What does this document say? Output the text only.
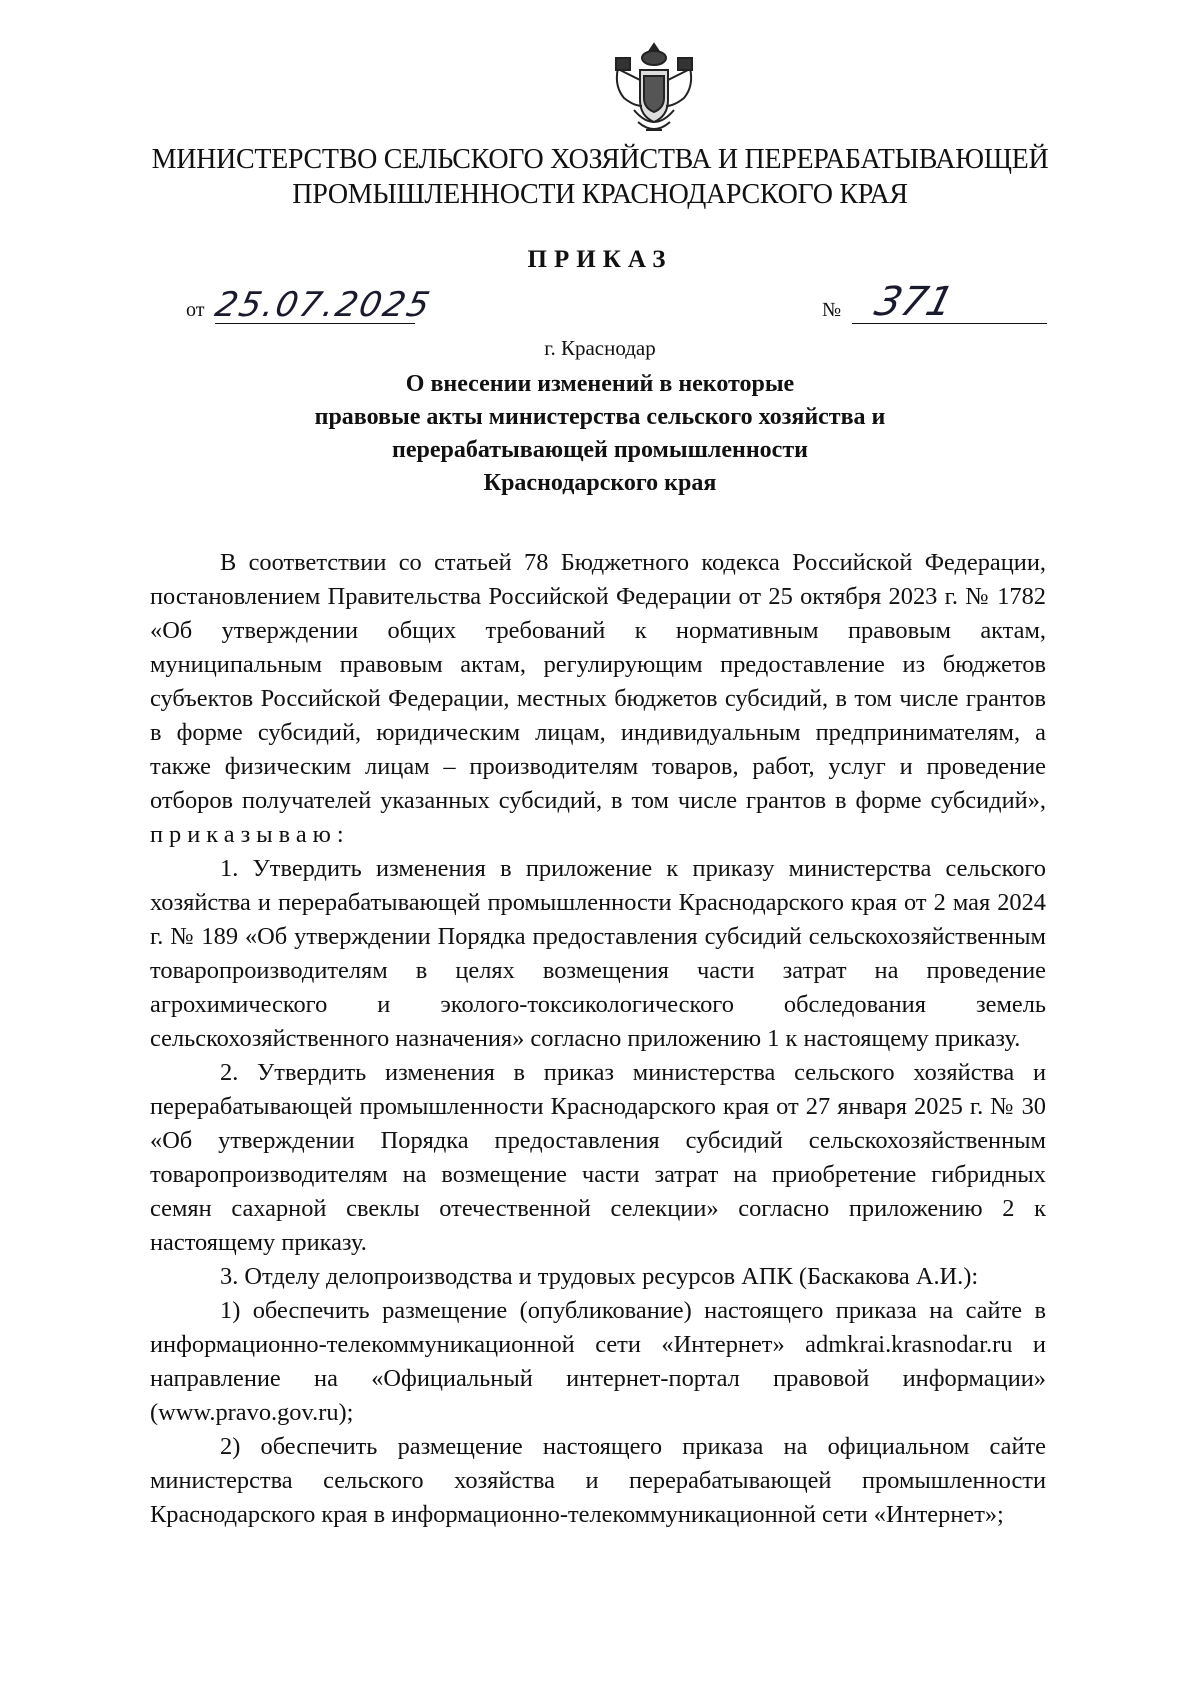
МИНИСТЕРСТВО СЕЛЬСКОГО ХОЗЯЙСТВА И ПЕРЕРАБАТЫВАЮЩЕЙ
ПРОМЫШЛЕННОСТИ КРАСНОДАРСКОГО КРАЯ
ПРИКАЗ
от 25.07.2025	№ 371
г. Краснодар
О внесении изменений в некоторые
правовые акты министерства сельского хозяйства и
перерабатывающей промышленности
Краснодарского края

В соответствии со статьей 78 Бюджетного кодекса Российской Федерации, постановлением Правительства Российской Федерации от 25 октября 2023 г. № 1782 «Об утверждении общих требований к нормативным правовым актам, муниципальным правовым актам, регулирующим предоставление из бюджетов субъектов Российской Федерации, местных бюджетов субсидий, в том числе грантов в форме субсидий, юридическим лицам, индивидуальным предпринимателям, а также физическим лицам – производителям товаров, работ, услуг и проведение отборов получателей указанных субсидий, в том числе грантов в форме субсидий», приказываю:

1. Утвердить изменения в приложение к приказу министерства сельского хозяйства и перерабатывающей промышленности Краснодарского края от 2 мая 2024 г. № 189 «Об утверждении Порядка предоставления субсидий сельскохозяйственным товаропроизводителям в целях возмещения части затрат на проведение агрохимического и эколого-токсикологического обследования земель сельскохозяйственного назначения» согласно приложению 1 к настоящему приказу.

2. Утвердить изменения в приказ министерства сельского хозяйства и перерабатывающей промышленности Краснодарского края от 27 января 2025 г. № 30 «Об утверждении Порядка предоставления субсидий сельскохозяйственным товаропроизводителям на возмещение части затрат на приобретение гибридных семян сахарной свеклы отечественной селекции» согласно приложению 2 к настоящему приказу.

3. Отделу делопроизводства и трудовых ресурсов АПК (Баскакова А.И.):

1) обеспечить размещение (опубликование) настоящего приказа на сайте в информационно-телекоммуникационной сети «Интернет» admkrai.krasnodar.ru и направление на «Официальный интернет-портал правовой информации» (www.pravo.gov.ru);

2) обеспечить размещение настоящего приказа на официальном сайте министерства сельского хозяйства и перерабатывающей промышленности Краснодарского края в информационно-телекоммуникационной сети «Интернет»;
